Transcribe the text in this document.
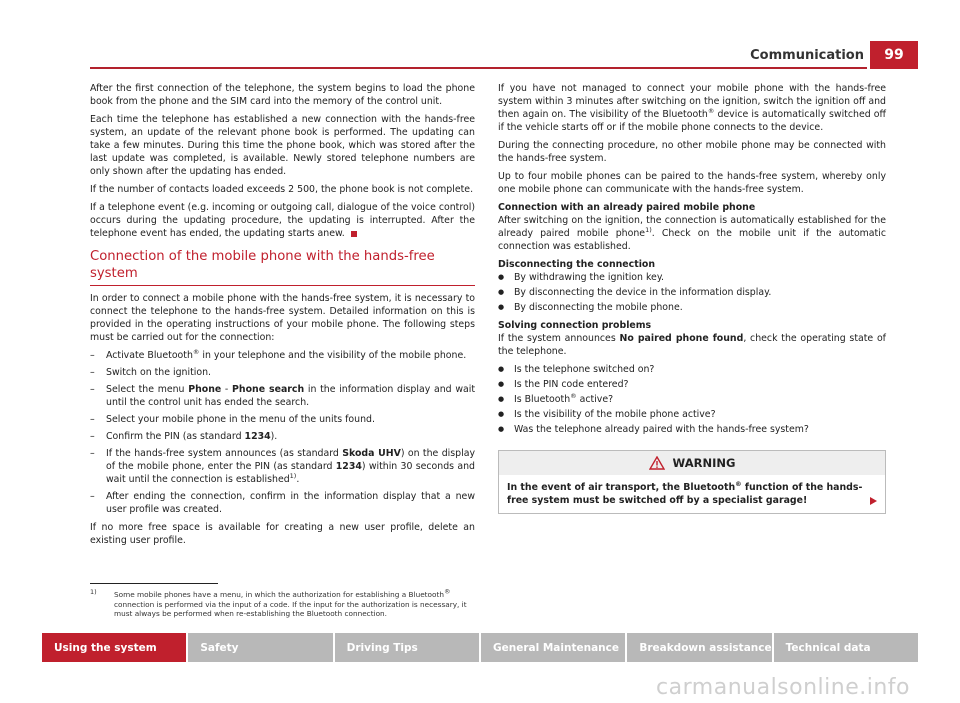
Communication	99

After the first connection of the telephone, the system begins to load the phone book from the phone and the SIM card into the memory of the control unit.

Each time the telephone has established a new connection with the hands-free system, an update of the relevant phone book is performed. The updating can take a few minutes. During this time the phone book, which was stored after the last update was completed, is available. Newly stored telephone numbers are only shown after the updating has ended.

If the number of contacts loaded exceeds 2 500, the phone book is not complete.

If a telephone event (e.g. incoming or outgoing call, dialogue of the voice control) occurs during the updating procedure, the updating is interrupted. After the telephone event has ended, the updating starts anew.

Connection of the mobile phone with the hands-free system

In order to connect a mobile phone with the hands-free system, it is necessary to connect the telephone to the hands-free system. Detailed information on this is provided in the operating instructions of your mobile phone. The following steps must be carried out for the connection:

– Activate Bluetooth® in your telephone and the visibility of the mobile phone.
– Switch on the ignition.
– Select the menu Phone - Phone search in the information display and wait until the control unit has ended the search.
– Select your mobile phone in the menu of the units found.
– Confirm the PIN (as standard 1234).
– If the hands-free system announces (as standard Skoda UHV) on the display of the mobile phone, enter the PIN (as standard 1234) within 30 seconds and wait until the connection is established$^{1)}$.
– After ending the connection, confirm in the information display that a new user profile was created.

If no more free space is available for creating a new user profile, delete an existing user profile.

If you have not managed to connect your mobile phone with the hands-free system within 3 minutes after switching on the ignition, switch the ignition off and then again on. The visibility of the Bluetooth® device is automatically switched off if the vehicle starts off or if the mobile phone connects to the device.

During the connecting procedure, no other mobile phone may be connected with the hands-free system.

Up to four mobile phones can be paired to the hands-free system, whereby only one mobile phone can communicate with the hands-free system.

Connection with an already paired mobile phone

After switching on the ignition, the connection is automatically established for the already paired mobile phone$^{1)}$. Check on the mobile unit if the automatic connection was established.

Disconnecting the connection

● By withdrawing the ignition key.
● By disconnecting the device in the information display.
● By disconnecting the mobile phone.

Solving connection problems

If the system announces No paired phone found, check the operating state of the telephone.

● Is the telephone switched on?
● Is the PIN code entered?
● Is Bluetooth® active?
● Is the visibility of the mobile phone active?
● Was the telephone already paired with the hands-free system?
WARNING
In the event of air transport, the Bluetooth® function of the hands-free system must be switched off by a specialist garage!
1)	Some mobile phones have a menu, in which the authorization for establishing a Bluetooth® connection is performed via the input of a code. If the input for the authorization is necessary, it must always be performed when re-establishing the Bluetooth connection.
Using the system	Safety	Driving Tips	General Maintenance	Breakdown assistance	Technical data
carmanualsonline.info
